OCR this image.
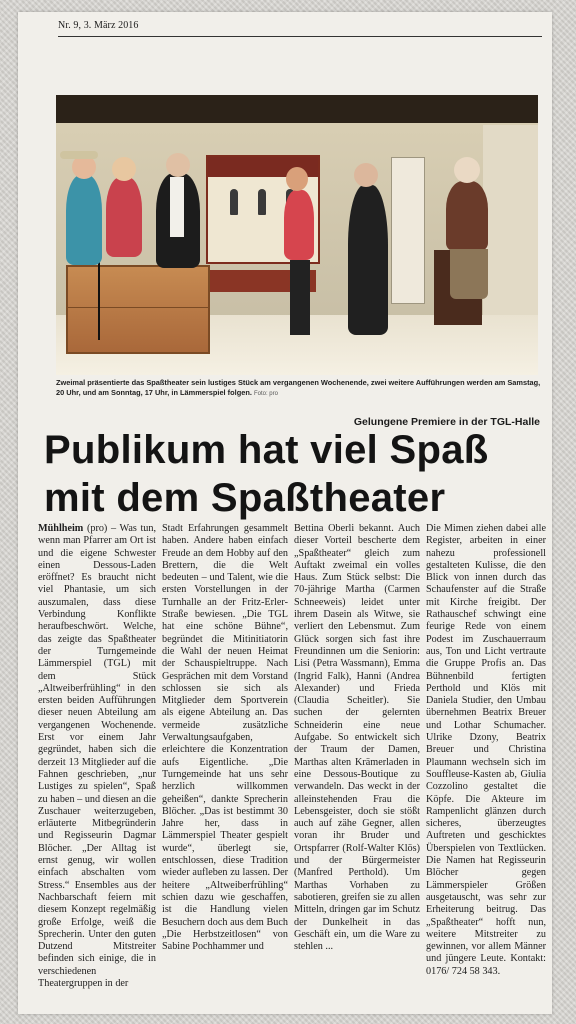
Nr. 9, 3. März 2016
Zweimal präsentierte das Spaßtheater sein lustiges Stück am vergangenen Wochenende, zwei weitere Aufführungen werden am Samstag, 20 Uhr, und am Sonntag, 17 Uhr, in Lämmerspiel folgen. Foto: pro
Gelungene Premiere in der TGL-Halle
Publikum hat viel Spaß
mit dem Spaßtheater

Mühlheim (pro) – Was tun, wenn man Pfarrer am Ort ist und die eigene Schwester einen Dessous-Laden eröffnet? Es braucht nicht viel Phantasie, um sich auszumalen, dass diese Verbindung Konflikte heraufbeschwört. Welche, das zeigte das Spaßtheater der Turngemeinde Lämmerspiel (TGL) mit dem Stück „Altweiberfrühling“ in den ersten beiden Aufführungen dieser neuen Abteilung am vergangenen Wochenende. Erst vor einem Jahr gegründet, haben sich die derzeit 13 Mitglieder auf die Fahnen geschrieben, „nur Lustiges zu spielen“, Spaß zu haben – und diesen an die Zuschauer weiterzugeben, erläuterte Mitbegründerin und Regisseurin Dagmar Blöcher. „Der Alltag ist ernst genug, wir wollen einfach abschalten vom Stress.“ Ensembles aus der Nachbarschaft feiern mit diesem Konzept regelmäßig große Erfolge, weiß die Sprecherin. Unter den guten Dutzend Mitstreiter befinden sich einige, die in verschiedenen Theatergruppen in der

Stadt Erfahrungen gesammelt haben. Andere haben einfach Freude an dem Hobby auf den Brettern, die die Welt bedeuten – und Talent, wie die ersten Vorstellungen in der Turnhalle an der Fritz-Erler-Straße bewiesen. „Die TGL hat eine schöne Bühne“, begründet die Mitinitiatorin die Wahl der neuen Heimat der Schauspieltruppe. Nach Gesprächen mit dem Vorstand schlossen sie sich als Mitglieder dem Sportverein als eigene Abteilung an. Das vermeide zusätzliche Verwaltungsaufgaben, erleichtere die Konzentration aufs Eigentliche. „Die Turngemeinde hat uns sehr herzlich willkommen geheißen“, dankte Sprecherin Blöcher. „Das ist bestimmt 30 Jahre her, dass in Lämmerspiel Theater gespielt wurde“, überlegt sie, entschlossen, diese Tradition wieder aufleben zu lassen. Der heitere „Altweiberfrühling“ schien dazu wie geschaffen, ist die Handlung vielen Besuchern doch aus dem Buch „Die Herbstzeitlosen“ von Sabine Pochhammer und

Bettina Oberli bekannt. Auch dieser Vorteil bescherte dem „Spaßtheater“ gleich zum Auftakt zweimal ein volles Haus. Zum Stück selbst: Die 70-jährige Martha (Carmen Schneeweis) leidet unter ihrem Dasein als Witwe, sie verliert den Lebensmut. Zum Glück sorgen sich fast ihre Freundinnen um die Seniorin: Lisi (Petra Wassmann), Emma (Ingrid Falk), Hanni (Andrea Alexander) und Frieda (Claudia Scheitler). Sie suchen der gelernten Schneiderin eine neue Aufgabe. So entwickelt sich der Traum der Damen, Marthas alten Krämerladen in eine Dessous-Boutique zu verwandeln. Das weckt in der alleinstehenden Frau die Lebensgeister, doch sie stößt auch auf zähe Gegner, allen voran ihr Bruder und Ortspfarrer (Rolf-Walter Klös) und der Bürgermeister (Manfred Perthold). Um Marthas Vorhaben zu sabotieren, greifen sie zu allen Mitteln, dringen gar im Schutz der Dunkelheit in das Geschäft ein, um die Ware zu stehlen ...

Die Mimen ziehen dabei alle Register, arbeiten in einer nahezu professionell gestalteten Kulisse, die den Blick von innen durch das Schaufenster auf die Straße mit Kirche freigibt. Der Rathauschef schwingt eine feurige Rede von einem Podest im Zuschauerraum aus, Ton und Licht vertraute die Gruppe Profis an. Das Bühnenbild fertigten Perthold und Klös mit Daniela Studier, den Umbau übernehmen Beatrix Breuer und Lothar Schumacher. Ulrike Dzony, Beatrix Breuer und Christina Plaumann wechseln sich im Souffleuse-Kasten ab, Giulia Cozzolino gestaltet die Köpfe. Die Akteure im Rampenlicht glänzen durch sicheres, überzeugtes Auftreten und geschicktes Überspielen von Textlücken. Die Namen hat Regisseurin Blöcher gegen Lämmerspieler Größen ausgetauscht, was sehr zur Erheiterung beitrug. Das „Spaßtheater“ hofft nun, weitere Mitstreiter zu gewinnen, vor allem Männer und jüngere Leute. Kontakt: 0176/ 724 58 343.
